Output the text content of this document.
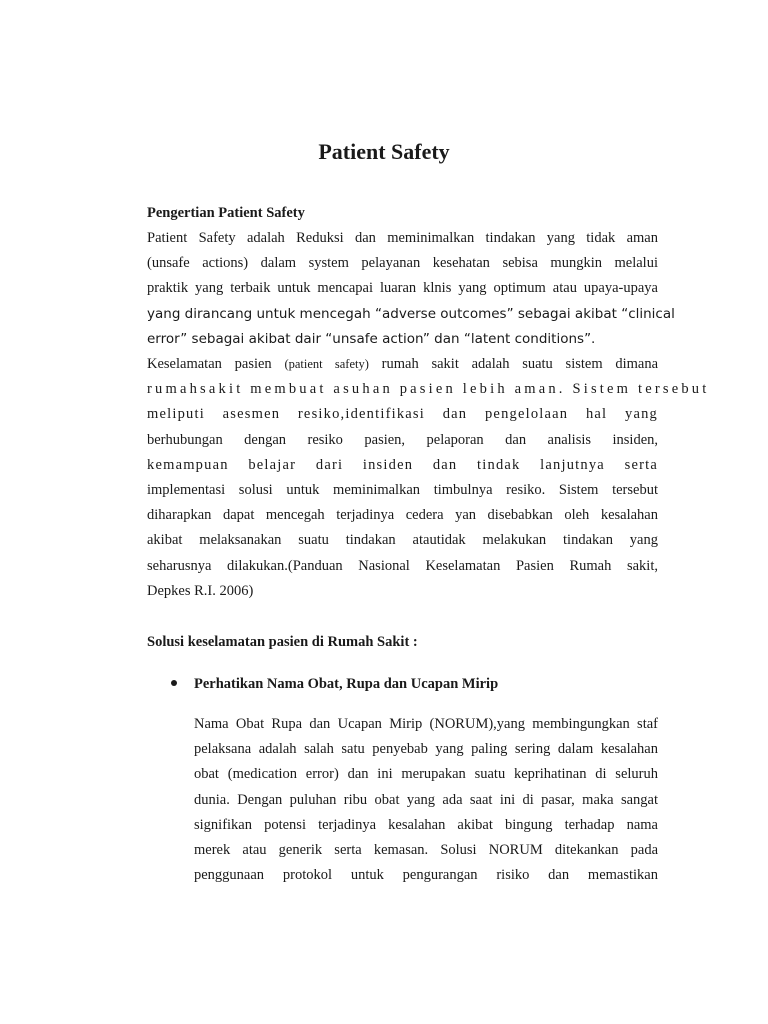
Patient Safety
Pengertian Patient Safety
Patient Safety adalah Reduksi dan meminimalkan tindakan yang tidak aman
(unsafe actions) dalam system pelayanan kesehatan sebisa mungkin melalui
praktik yang terbaik untuk mencapai luaran klnis yang optimum atau upaya-upaya
yang dirancang untuk mencegah “adverse outcomes” sebagai akibat “clinical
error” sebagai akibat dair “unsafe action” dan “latent conditions”.
Keselamatan pasien (patient safety) rumah sakit adalah suatu sistem dimana
rumahsakit membuat asuhan pasien lebih aman. Sistem tersebut
meliputi asesmen resiko,identifikasi dan pengelolaan hal yang
berhubungan dengan resiko pasien, pelaporan dan analisis insiden,
kemampuan belajar dari insiden dan tindak lanjutnya serta
implementasi solusi untuk meminimalkan timbulnya resiko. Sistem tersebut
diharapkan dapat mencegah terjadinya cedera yan disebabkan oleh kesalahan
akibat melaksanakan suatu tindakan atautidak melakukan tindakan yang
seharusnya dilakukan.(Panduan Nasional Keselamatan Pasien Rumah sakit,
Depkes R.I. 2006)
Solusi keselamatan pasien di Rumah Sakit :
Perhatikan Nama Obat, Rupa dan Ucapan Mirip
Nama Obat Rupa dan Ucapan Mirip (NORUM),yang membingungkan staf
pelaksana adalah salah satu penyebab yang paling sering dalam kesalahan
obat (medication error) dan ini merupakan suatu keprihatinan di seluruh
dunia. Dengan puluhan ribu obat yang ada saat ini di pasar, maka sangat
signifikan potensi terjadinya kesalahan akibat bingung terhadap nama
merek atau generik serta kemasan. Solusi NORUM ditekankan pada
penggunaan protokol untuk pengurangan risiko dan memastikan
